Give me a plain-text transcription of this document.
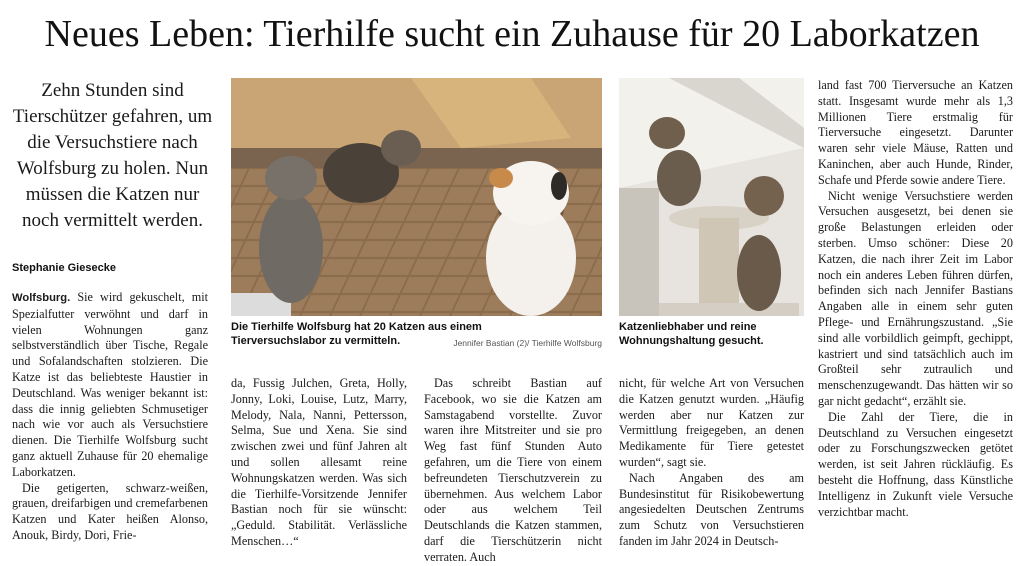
Neues Leben: Tierhilfe sucht ein Zuhause für 20 Laborkatzen
Zehn Stunden sind Tierschützer gefahren, um die Versuchstiere nach Wolfsburg zu holen. Nun müssen die Katzen nur noch vermittelt werden.
Stephanie Giesecke

Wolfsburg. Sie wird gekuschelt, mit Spezialfutter verwöhnt und darf in vielen Wohnungen ganz selbstverständlich über Tische, Regale und Sofalandschaften stolzieren. Die Katze ist das beliebteste Haustier in Deutschland. Was weniger bekannt ist: dass die innig geliebten Schmusetiger nach wie vor auch als Versuchstiere dienen. Die Tierhilfe Wolfsburg sucht ganz aktuell Zuhause für 20 ehemalige Laborkatzen.

Die getigerten, schwarz-weißen, grauen, dreifarbigen und cremefarbenen Katzen und Kater heißen Alonso, Anouk, Birdy, Dori, Frie-

Die Tierhilfe Wolfsburg hat 20 Katzen aus einem Tierversuchslabor zu vermitteln.	Jennifer Bastian (2)/ Tierhilfe Wolfsburg
Katzenliebhaber und reine Wohnungshaltung gesucht.

da, Fussig Julchen, Greta, Holly, Jonny, Loki, Louise, Lutz, Marry, Melody, Nala, Nanni, Pettersson, Selma, Sue und Xena. Sie sind zwischen zwei und fünf Jahren alt und sollen allesamt reine Wohnungskatzen werden. Was sich die Tierhilfe-Vorsitzende Jennifer Bastian noch für sie wünscht: „Geduld. Stabilität. Verlässliche Menschen…“

Das schreibt Bastian auf Facebook, wo sie die Katzen am Samstagabend vorstellte. Zuvor waren ihre Mitstreiter und sie pro Weg fast fünf Stunden Auto gefahren, um die Tiere von einem befreundeten Tierschutzverein zu übernehmen. Aus welchem Labor oder aus welchem Teil Deutschlands die Katzen stammen, darf die Tierschützerin nicht verraten. Auch

nicht, für welche Art von Versuchen die Katzen genutzt wurden. „Häufig werden aber nur Katzen zur Vermittlung freigegeben, an denen Medikamente für Tiere getestet wurden“, sagt sie.

Nach Angaben des am Bundesinstitut für Risikobewertung angesiedelten Deutschen Zentrums zum Schutz von Versuchstieren fanden im Jahr 2024 in Deutsch-

land fast 700 Tierversuche an Katzen statt. Insgesamt wurde mehr als 1,3 Millionen Tiere erstmalig für Tierversuche eingesetzt. Darunter waren sehr viele Mäuse, Ratten und Kaninchen, aber auch Hunde, Rinder, Schafe und Pferde sowie andere Tiere.

Nicht wenige Versuchstiere werden Versuchen ausgesetzt, bei denen sie große Belastungen erleiden oder sterben. Umso schöner: Diese 20 Katzen, die nach ihrer Zeit im Labor noch ein anderes Leben führen dürfen, befinden sich nach Jennifer Bastians Angaben alle in einem sehr guten Pflege- und Ernährungszustand. „Sie sind alle vorbildlich geimpft, gechippt, kastriert und sind tatsächlich auch im Großteil sehr zutraulich und menschenzugewandt. Das hätten wir so gar nicht gedacht“, erzählt sie.

Die Zahl der Tiere, die in Deutschland zu Versuchen eingesetzt oder zu Forschungszwecken getötet werden, ist seit Jahren rückläufig. Es besteht die Hoffnung, dass Künstliche Intelligenz in Zukunft viele Versuche verzichtbar macht.
